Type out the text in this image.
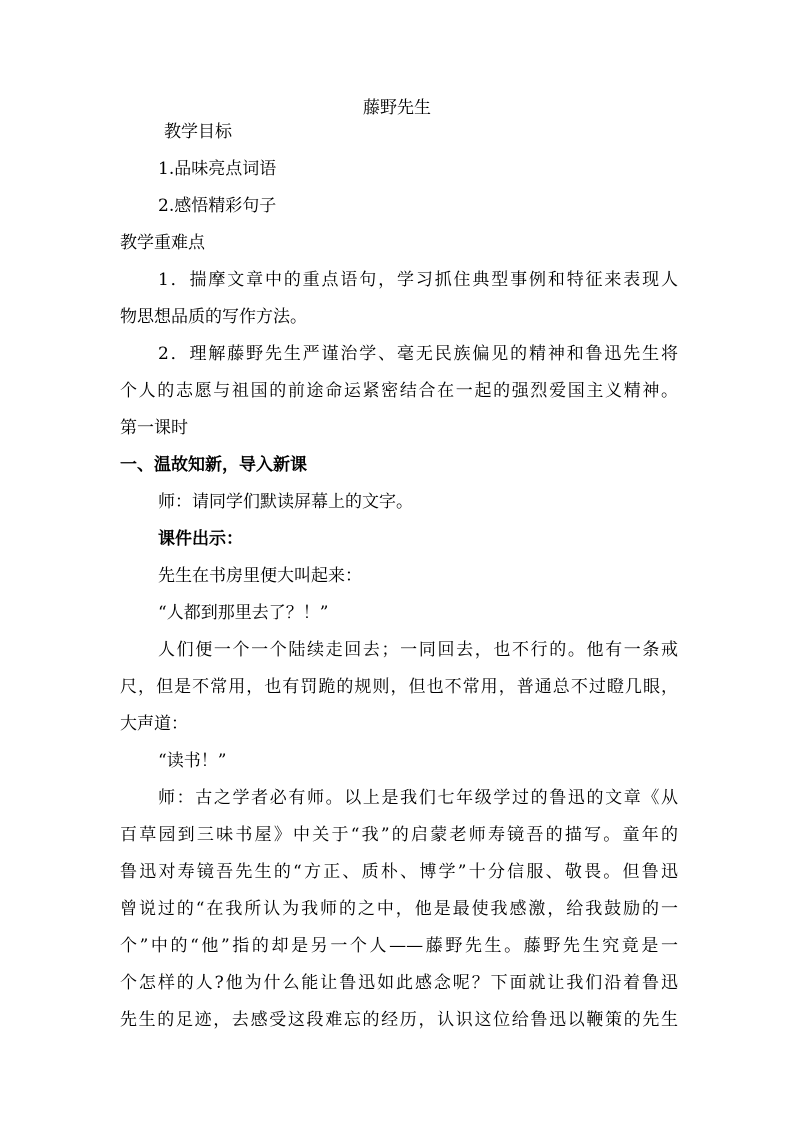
藤野先生
教学目标
1.品味亮点词语
2.感悟精彩句子
教学重难点
1．揣摩文章中的重点语句，学习抓住典型事例和特征来表现人
物思想品质的写作方法。
2．理解藤野先生严谨治学、毫无民族偏见的精神和鲁迅先生将
个人的志愿与祖国的前途命运紧密结合在一起的强烈爱国主义精神。
第一课时
一、温故知新，导入新课
师：请同学们默读屏幕上的文字。
课件出示：
先生在书房里便大叫起来：
“人都到那里去了？！”
人们便一个一个陆续走回去；一同回去，也不行的。他有一条戒
尺，但是不常用，也有罚跪的规则，但也不常用，普通总不过瞪几眼，
大声道：
“读书！”
师：古之学者必有师。以上是我们七年级学过的鲁迅的文章《从
百草园到三味书屋》中关于“我”的启蒙老师寿镜吾的描写。童年的
鲁迅对寿镜吾先生的“方正、质朴、博学”十分信服、敬畏。但鲁迅
曾说过的“在我所认为我师的之中，他是最使我感激，给我鼓励的一
个”中的“他”指的却是另一个人——藤野先生。藤野先生究竟是一
个怎样的人?他为什么能让鲁迅如此感念呢？下面就让我们沿着鲁迅
先生的足迹，去感受这段难忘的经历，认识这位给鲁迅以鞭策的先生
